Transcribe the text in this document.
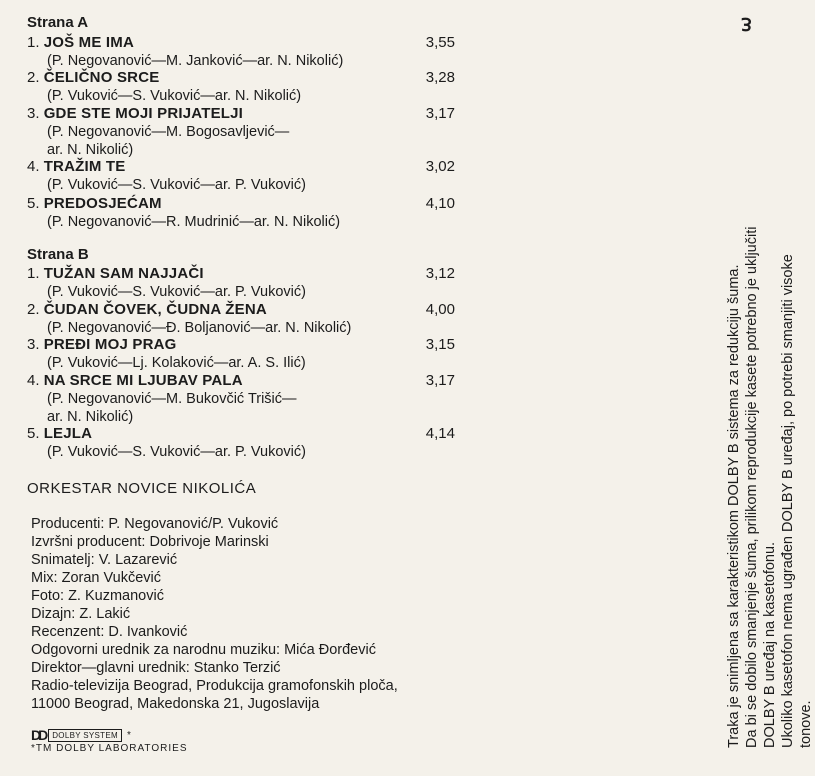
Strana A
1. JOŠ ME IMA	3,55
(P. Negovanović—M. Janković—ar. N. Nikolić)
2. ČELIČNO SRCE	3,28
(P. Vuković—S. Vuković—ar. N. Nikolić)
3. GDE STE MOJI PRIJATELJI	3,17
(P. Negovanović—M. Bogosavljević—
ar. N. Nikolić)
4. TRAŽIM TE	3,02
(P. Vuković—S. Vuković—ar. P. Vuković)
5. PREDOSJEĆAM	4,10
(P. Negovanović—R. Mudrinić—ar. N. Nikolić)
Strana B
1. TUŽAN SAM NAJJAČI	3,12
(P. Vuković—S. Vuković—ar. P. Vuković)
2. ČUDAN ČOVEK, ČUDNA ŽENA	4,00
(P. Negovanović—Đ. Boljanović—ar. N. Nikolić)
3. PREĐI MOJ PRAG	3,15
(P. Vuković—Lj. Kolaković—ar. A. S. Ilić)
4. NA SRCE MI LJUBAV PALA	3,17
(P. Negovanović—M. Bukovčić Trišić—
ar. N. Nikolić)
5. LEJLA	4,14
(P. Vuković—S. Vuković—ar. P. Vuković)
ORKESTAR NOVICE NIKOLIĆA
Producenti: P. Negovanović/P. Vuković
Izvršni producent: Dobrivoje Marinski
Snimatelj: V. Lazarević
Mix: Zoran Vukčević
Foto: Z. Kuzmanović
Dizajn: Z. Lakić
Recenzent: D. Ivanković
Odgovorni urednik za narodnu muziku: Mića Đorđević
Direktor—glavni urednik: Stanko Terzić
Radio-televizija Beograd, Produkcija gramofonskih ploča,
11000 Beograd, Makedonska 21, Jugoslavija
DD DOLBY SYSTEM *
*TM DOLBY LABORATORIES
ℇ
Traka je snimljena sa karakteristikom DOLBY B sistema za redukciju šuma. Da bi se dobilo smanjenje šuma, prilikom reprodukcije kasete potrebno je uključiti DOLBY B uređaj na kasetofonu. Ukoliko kasetofon nema ugrađen DOLBY B uređaj, po potrebi smanjiti visoke tonove.
